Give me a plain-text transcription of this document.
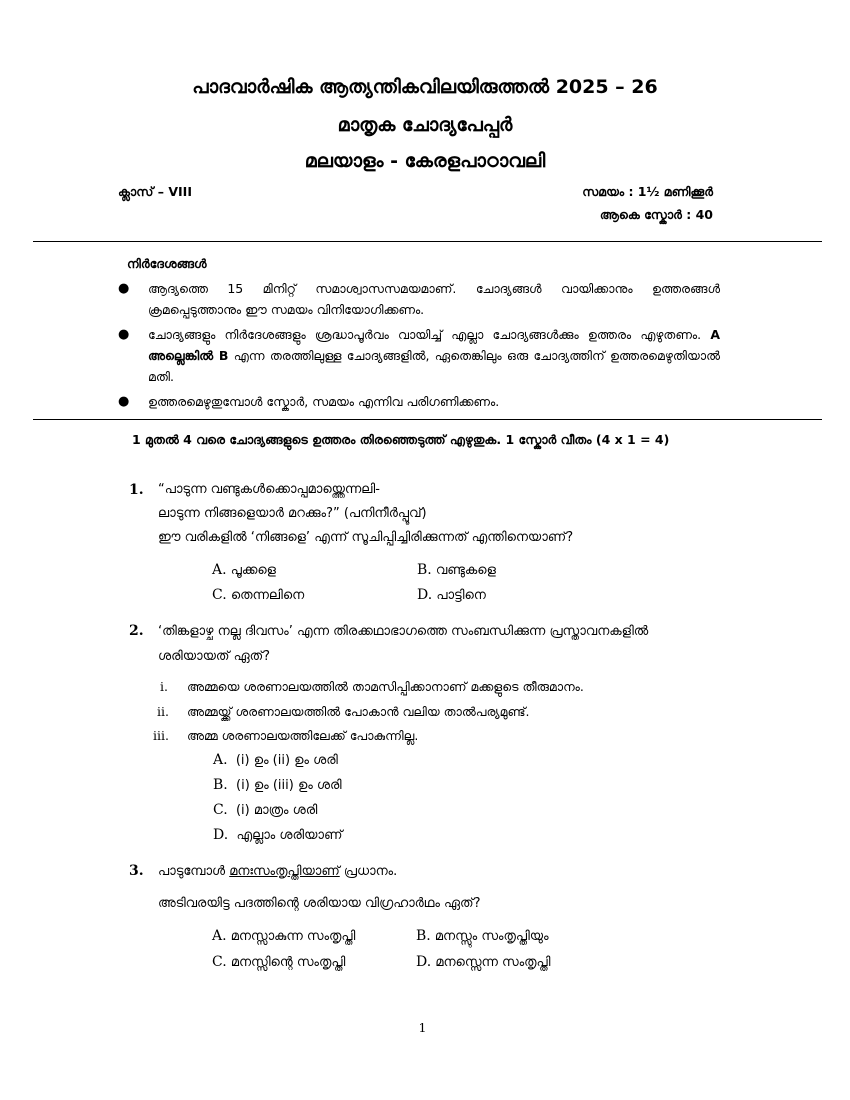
പാദവാർഷിക ആത്യന്തികവിലയിരുത്തൽ 2025 – 26
മാതൃക ചോദ്യപേപ്പർ
മലയാളം - കേരളപാഠാവലി
ക്ലാസ് – VIII	സമയം : 1½ മണിക്കൂർ
ആകെ സ്കോർ : 40
നിർദേശങ്ങൾ
● ആദ്യത്തെ 15 മിനിറ്റ് സമാശ്വാസസമയമാണ്. ചോദ്യങ്ങൾ വായിക്കാനും ഉത്തരങ്ങൾ ക്രമപ്പെടുത്താനും ഈ സമയം വിനിയോഗിക്കണം.
● ചോദ്യങ്ങളും നിർദേശങ്ങളും ശ്രദ്ധാപൂർവം വായിച്ച് എല്ലാ ചോദ്യങ്ങൾക്കും ഉത്തരം എഴുതണം. A അല്ലെങ്കിൽ B എന്ന തരത്തിലുള്ള ചോദ്യങ്ങളിൽ, ഏതെങ്കിലും ഒരു ചോദ്യത്തിന് ഉത്തരമെഴുതിയാൽ മതി.
● ഉത്തരമെഴുതുമ്പോൾ സ്കോർ, സമയം എന്നിവ പരിഗണിക്കണം.
1 മുതൽ 4 വരെ ചോദ്യങ്ങളുടെ ഉത്തരം തിരഞ്ഞെടുത്ത് എഴുതുക. 1 സ്കോർ വീതം (4 x 1 = 4)
1. “പാടുന്ന വണ്ടുകൾക്കൊപ്പമായ്ത്തെന്നലി-
ലാടുന്ന നിങ്ങളെയാർ മറക്കും?” (പനിനീർപ്പൂവ്)
ഈ വരികളിൽ ‘നിങ്ങളെ’ എന്ന് സൂചിപ്പിച്ചിരിക്കുന്നത് എന്തിനെയാണ്?
A. പൂക്കളെ	B. വണ്ടുകളെ
C. തെന്നലിനെ	D. പാട്ടിനെ
2. ‘തിങ്കളാഴ്ച നല്ല ദിവസം’ എന്ന തിരക്കഥാഭാഗത്തെ സംബന്ധിക്കുന്ന പ്രസ്താവനകളിൽ
ശരിയായത് ഏത്?
i. അമ്മയെ ശരണാലയത്തിൽ താമസിപ്പിക്കാനാണ് മക്കളുടെ തീരുമാനം.
ii. അമ്മയ്ക്ക് ശരണാലയത്തിൽ പോകാൻ വലിയ താൽപര്യമുണ്ട്.
iii. അമ്മ ശരണാലയത്തിലേക്ക് പോകുന്നില്ല.
A. (i) ഉം (ii) ഉം ശരി
B. (i) ഉം (iii) ഉം ശരി
C. (i) മാത്രം ശരി
D. എല്ലാം ശരിയാണ്
3. പാടുമ്പോൾ മനഃസംതൃപ്തിയാണ് പ്രധാനം.
അടിവരയിട്ട പദത്തിന്റെ ശരിയായ വിഗ്രഹാർഥം ഏത്?
A. മനസ്സാകുന്ന സംതൃപ്തി	B. മനസ്സും സംതൃപ്തിയും
C. മനസ്സിന്റെ സംതൃപ്തി	D. മനസ്സെന്ന സംതൃപ്തി
1
